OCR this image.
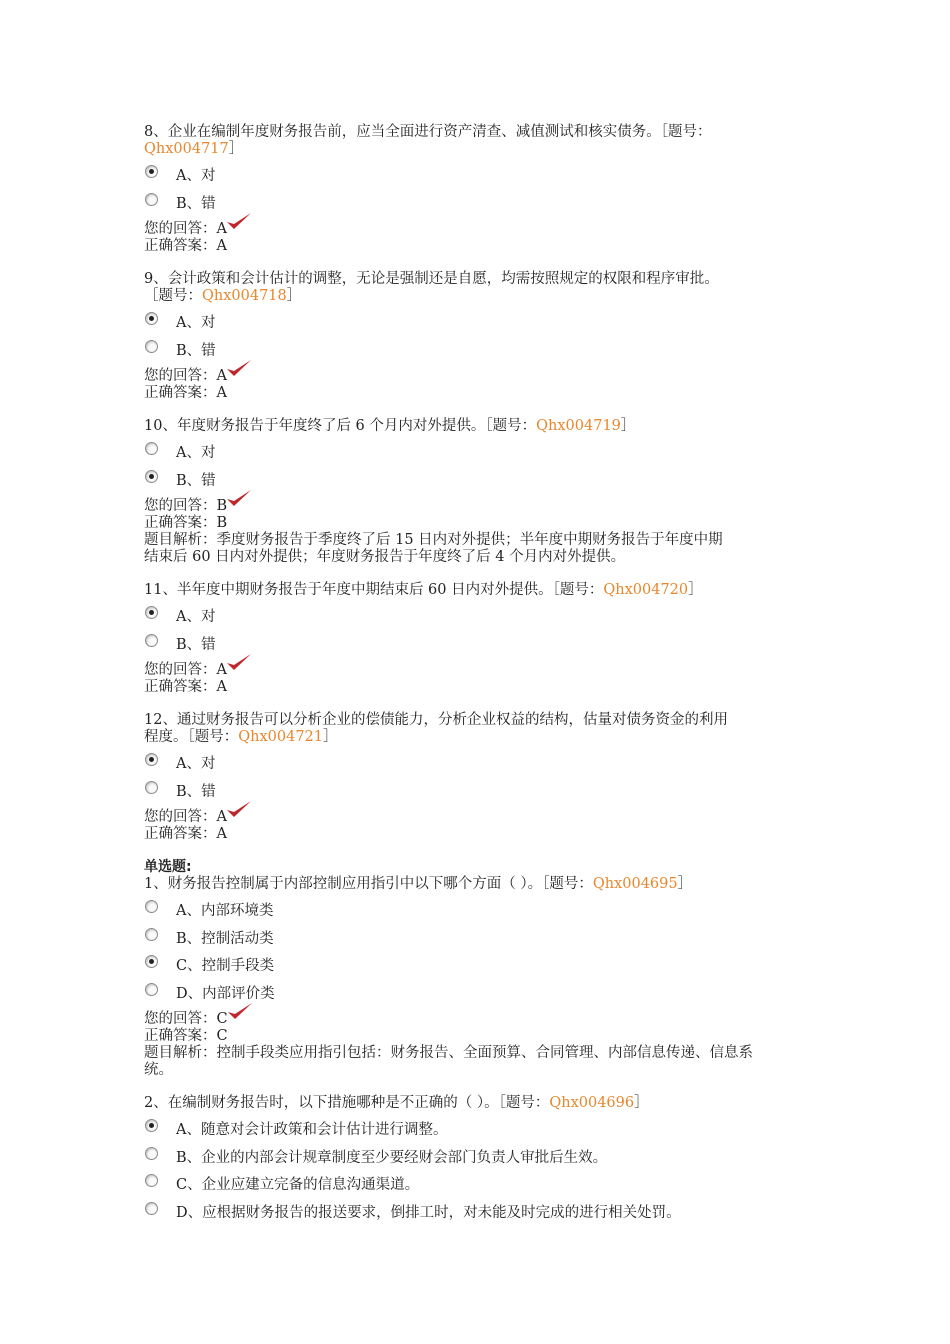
8、企业在编制年度财务报告前，应当全面进行资产清查、减值测试和核实债务。［题号：
Qhx004717］
A、对
B、错
您的回答：A
正确答案：A
9、会计政策和会计估计的调整，无论是强制还是自愿，均需按照规定的权限和程序审批。
［题号：Qhx004718］
A、对
B、错
您的回答：A
正确答案：A
10、年度财务报告于年度终了后 6 个月内对外提供。［题号：Qhx004719］
A、对
B、错
您的回答：B
正确答案：B
题目解析：季度财务报告于季度终了后 15 日内对外提供；半年度中期财务报告于年度中期
结束后 60 日内对外提供；年度财务报告于年度终了后 4 个月内对外提供。
11、半年度中期财务报告于年度中期结束后 60 日内对外提供。［题号：Qhx004720］
A、对
B、错
您的回答：A
正确答案：A
12、通过财务报告可以分析企业的偿债能力，分析企业权益的结构，估量对债务资金的利用
程度。［题号：Qhx004721］
A、对
B、错
您的回答：A
正确答案：A
单选题:
1、财务报告控制属于内部控制应用指引中以下哪个方面（ ）。［题号：Qhx004695］
A、内部环境类
B、控制活动类
C、控制手段类
D、内部评价类
您的回答：C
正确答案：C
题目解析：控制手段类应用指引包括：财务报告、全面预算、合同管理、内部信息传递、信息系
统。
2、在编制财务报告时，以下措施哪种是不正确的（ ）。［题号：Qhx004696］
A、随意对会计政策和会计估计进行调整。
B、企业的内部会计规章制度至少要经财会部门负责人审批后生效。
C、企业应建立完备的信息沟通渠道。
D、应根据财务报告的报送要求，倒排工时，对未能及时完成的进行相关处罚。
